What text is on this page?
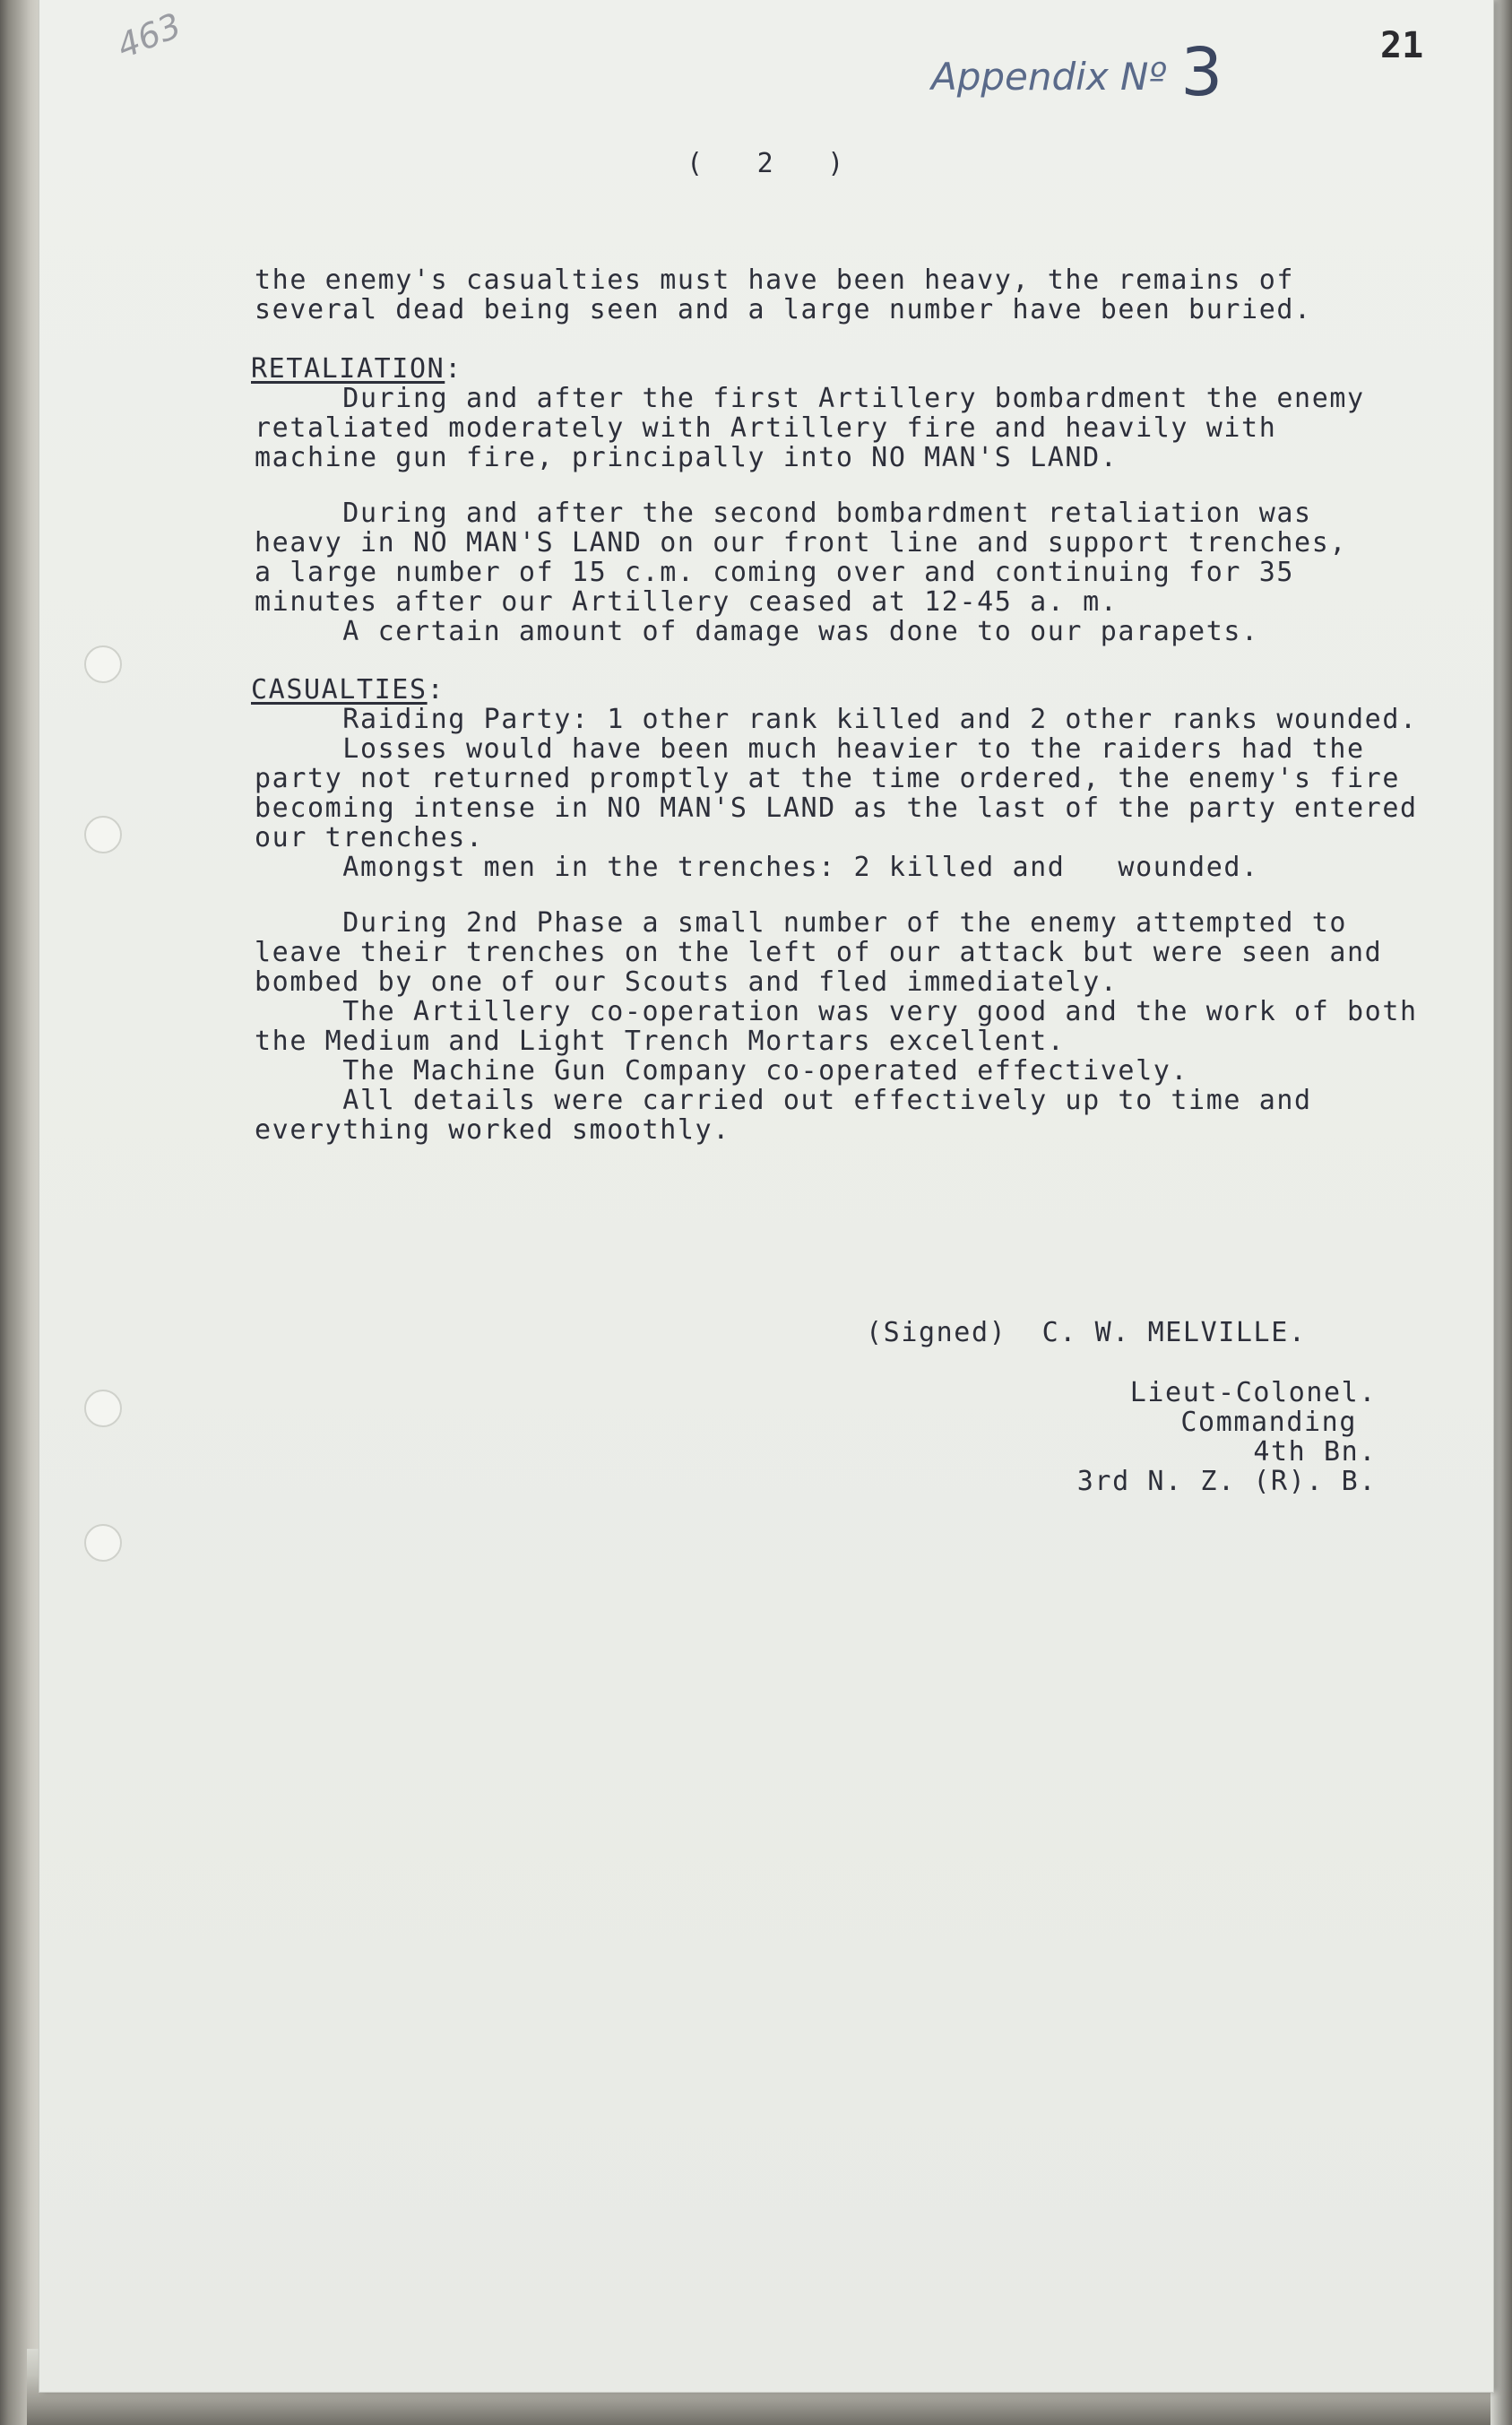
463
Appendix Nº 3	21
(   2   )
the enemy's casualties must have been heavy, the remains of
several dead being seen and a large number have been buried.
RETALIATION:
During and after the first Artillery bombardment the enemy
retaliated moderately with Artillery fire and heavily with
machine gun fire, principally into NO MAN'S LAND.
During and after the second bombardment retaliation was
heavy in NO MAN'S LAND on our front line and support trenches,
a large number of 15 c.m. coming over and continuing for 35
minutes after our Artillery ceased at 12-45 a. m.
A certain amount of damage was done to our parapets.
CASUALTIES:
Raiding Party: 1 other rank killed and 2 other ranks wounded.
Losses would have been much heavier to the raiders had the
party not returned promptly at the time ordered, the enemy's fire
becoming intense in NO MAN'S LAND as the last of the party entered
our trenches.
Amongst men in the trenches: 2 killed and   wounded.
During 2nd Phase a small number of the enemy attempted to
leave their trenches on the left of our attack but were seen and
bombed by one of our Scouts and fled immediately.
The Artillery co-operation was very good and the work of both
the Medium and Light Trench Mortars excellent.
The Machine Gun Company co-operated effectively.
All details were carried out effectively up to time and
everything worked smoothly.
(Signed)  C. W. MELVILLE.
Lieut-Colonel.
Commanding
4th Bn.
3rd N. Z. (R). B.
